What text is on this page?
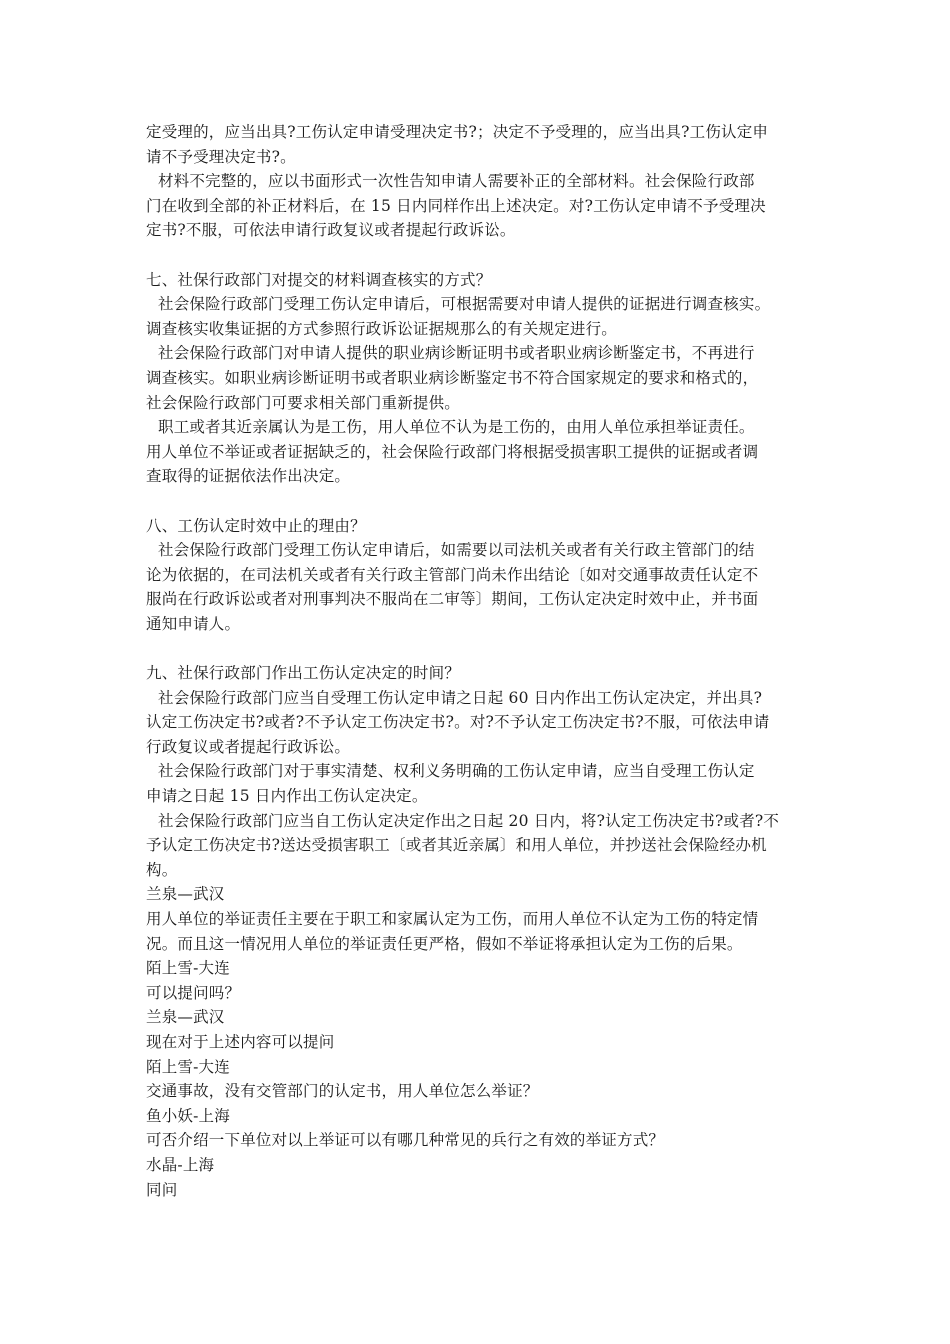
定受理的，应当出具?工伤认定申请受理决定书?；决定不予受理的，应当出具?工伤认定申
请不予受理决定书?。
材料不完整的，应以书面形式一次性告知申请人需要补正的全部材料。社会保险行政部
门在收到全部的补正材料后，在 15 日内同样作出上述决定。对?工伤认定申请不予受理决
定书?不服，可依法申请行政复议或者提起行政诉讼。
七、社保行政部门对提交的材料调查核实的方式？
社会保险行政部门受理工伤认定申请后，可根据需要对申请人提供的证据进行调查核实。
调查核实收集证据的方式参照行政诉讼证据规那么的有关规定进行。
社会保险行政部门对申请人提供的职业病诊断证明书或者职业病诊断鉴定书，不再进行
调查核实。如职业病诊断证明书或者职业病诊断鉴定书不符合国家规定的要求和格式的，
社会保险行政部门可要求相关部门重新提供。
职工或者其近亲属认为是工伤，用人单位不认为是工伤的，由用人单位承担举证责任。
用人单位不举证或者证据缺乏的，社会保险行政部门将根据受损害职工提供的证据或者调
查取得的证据依法作出决定。
八、工伤认定时效中止的理由？
社会保险行政部门受理工伤认定申请后，如需要以司法机关或者有关行政主管部门的结
论为依据的，在司法机关或者有关行政主管部门尚未作出结论〔如对交通事故责任认定不
服尚在行政诉讼或者对刑事判决不服尚在二审等〕期间，工伤认定决定时效中止，并书面
通知申请人。
九、社保行政部门作出工伤认定决定的时间？
社会保险行政部门应当自受理工伤认定申请之日起 60 日内作出工伤认定决定，并出具?
认定工伤决定书?或者?不予认定工伤决定书?。对?不予认定工伤决定书?不服，可依法申请
行政复议或者提起行政诉讼。
社会保险行政部门对于事实清楚、权利义务明确的工伤认定申请，应当自受理工伤认定
申请之日起 15 日内作出工伤认定决定。
社会保险行政部门应当自工伤认定决定作出之日起 20 日内，将?认定工伤决定书?或者?不
予认定工伤决定书?送达受损害职工〔或者其近亲属〕和用人单位，并抄送社会保险经办机
构。
兰泉—武汉
用人单位的举证责任主要在于职工和家属认定为工伤，而用人单位不认定为工伤的特定情
况。而且这一情况用人单位的举证责任更严格，假如不举证将承担认定为工伤的后果。
陌上雪-大连
可以提问吗？
兰泉—武汉
现在对于上述内容可以提问
陌上雪-大连
交通事故，没有交管部门的认定书，用人单位怎么举证？
鱼小妖-上海
可否介绍一下单位对以上举证可以有哪几种常见的兵行之有效的举证方式？
水晶-上海
同问
